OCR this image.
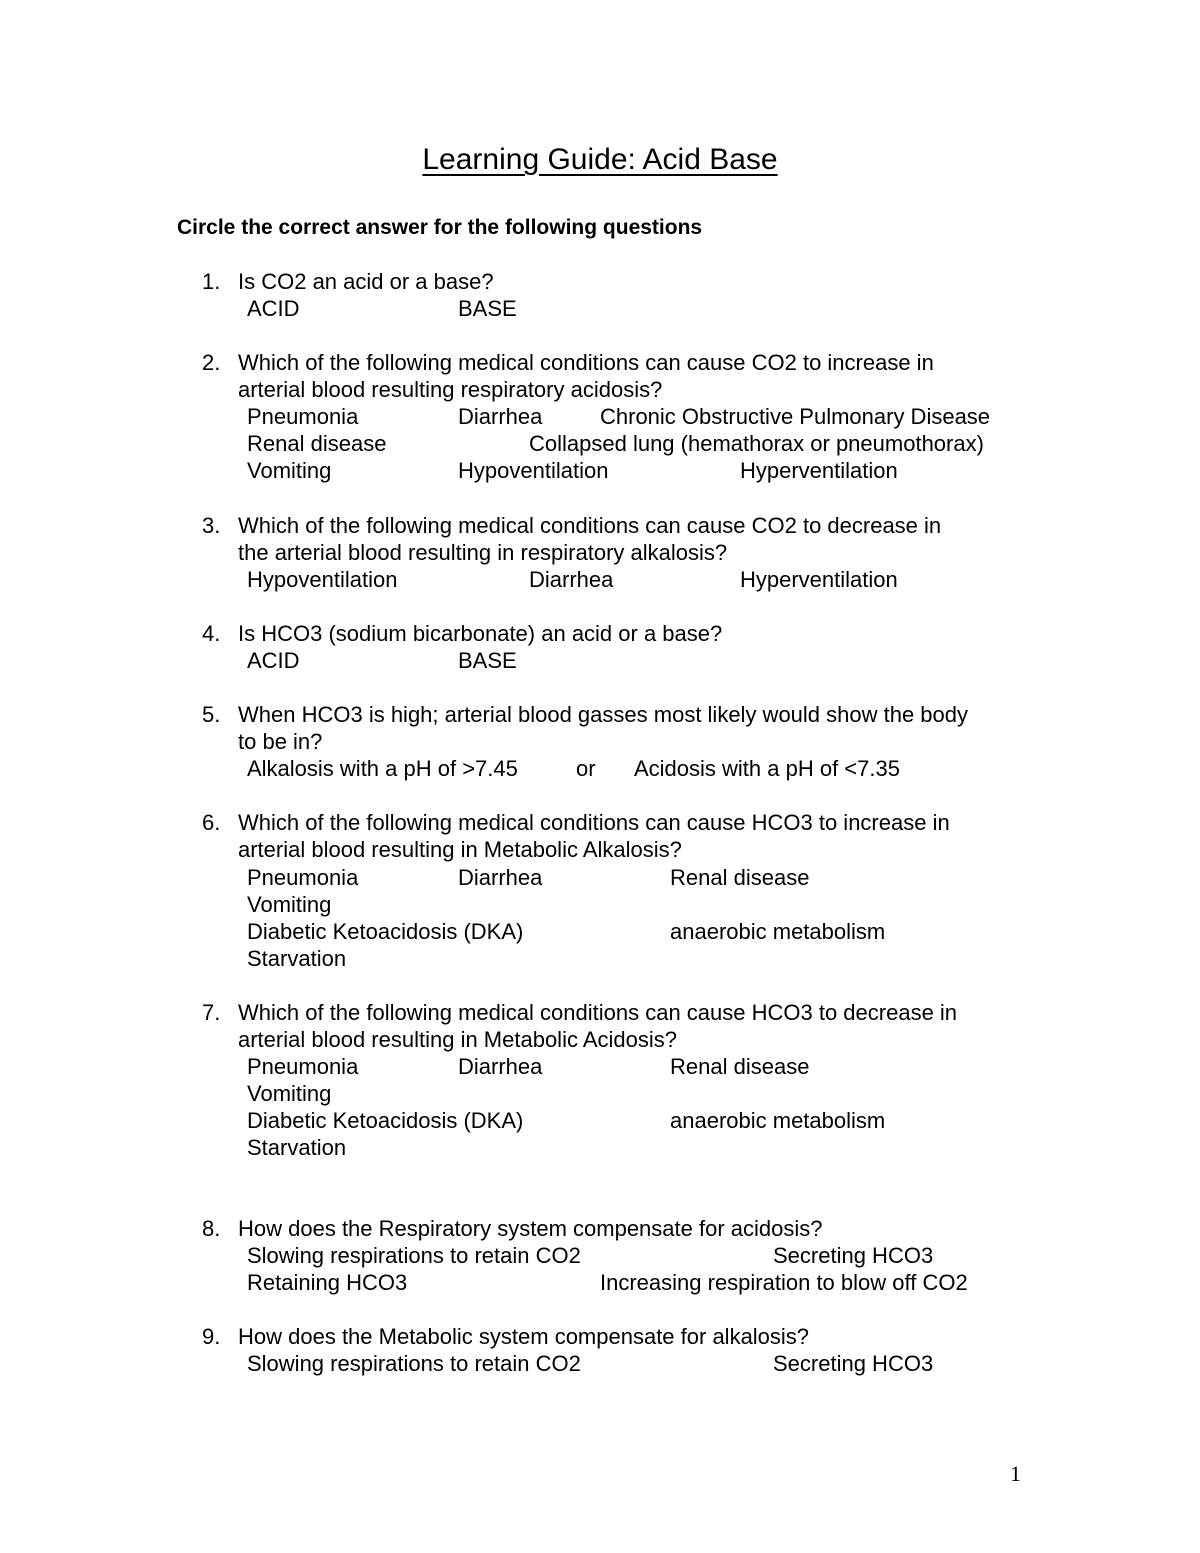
Learning Guide: Acid Base
Circle the correct answer for the following questions
1. Is CO2 an acid or a base?
ACID	BASE
2. Which of the following medical conditions can cause CO2 to increase in
arterial blood resulting respiratory acidosis?
Pneumonia	Diarrhea	Chronic Obstructive Pulmonary Disease
Renal disease	Collapsed lung (hemathorax or pneumothorax)
Vomiting	Hypoventilation	Hyperventilation
3. Which of the following medical conditions can cause CO2 to decrease in
the arterial blood resulting in respiratory alkalosis?
Hypoventilation	Diarrhea	Hyperventilation
4. Is HCO3 (sodium bicarbonate) an acid or a base?
ACID	BASE
5. When HCO3 is high; arterial blood gasses most likely would show the body
to be in?
Alkalosis with a pH of >7.45	or Acidosis with a pH of <7.35
6. Which of the following medical conditions can cause HCO3 to increase in
arterial blood resulting in Metabolic Alkalosis?
Pneumonia	Diarrhea	Renal disease
Vomiting
Diabetic Ketoacidosis (DKA)	anaerobic metabolism
Starvation
7. Which of the following medical conditions can cause HCO3 to decrease in
arterial blood resulting in Metabolic Acidosis?
Pneumonia	Diarrhea	Renal disease
Vomiting
Diabetic Ketoacidosis (DKA)	anaerobic metabolism
Starvation
8. How does the Respiratory system compensate for acidosis?
Slowing respirations to retain CO2	Secreting HCO3
Retaining HCO3	Increasing respiration to blow off CO2
9. How does the Metabolic system compensate for alkalosis?
Slowing respirations to retain CO2	Secreting HCO3
1
